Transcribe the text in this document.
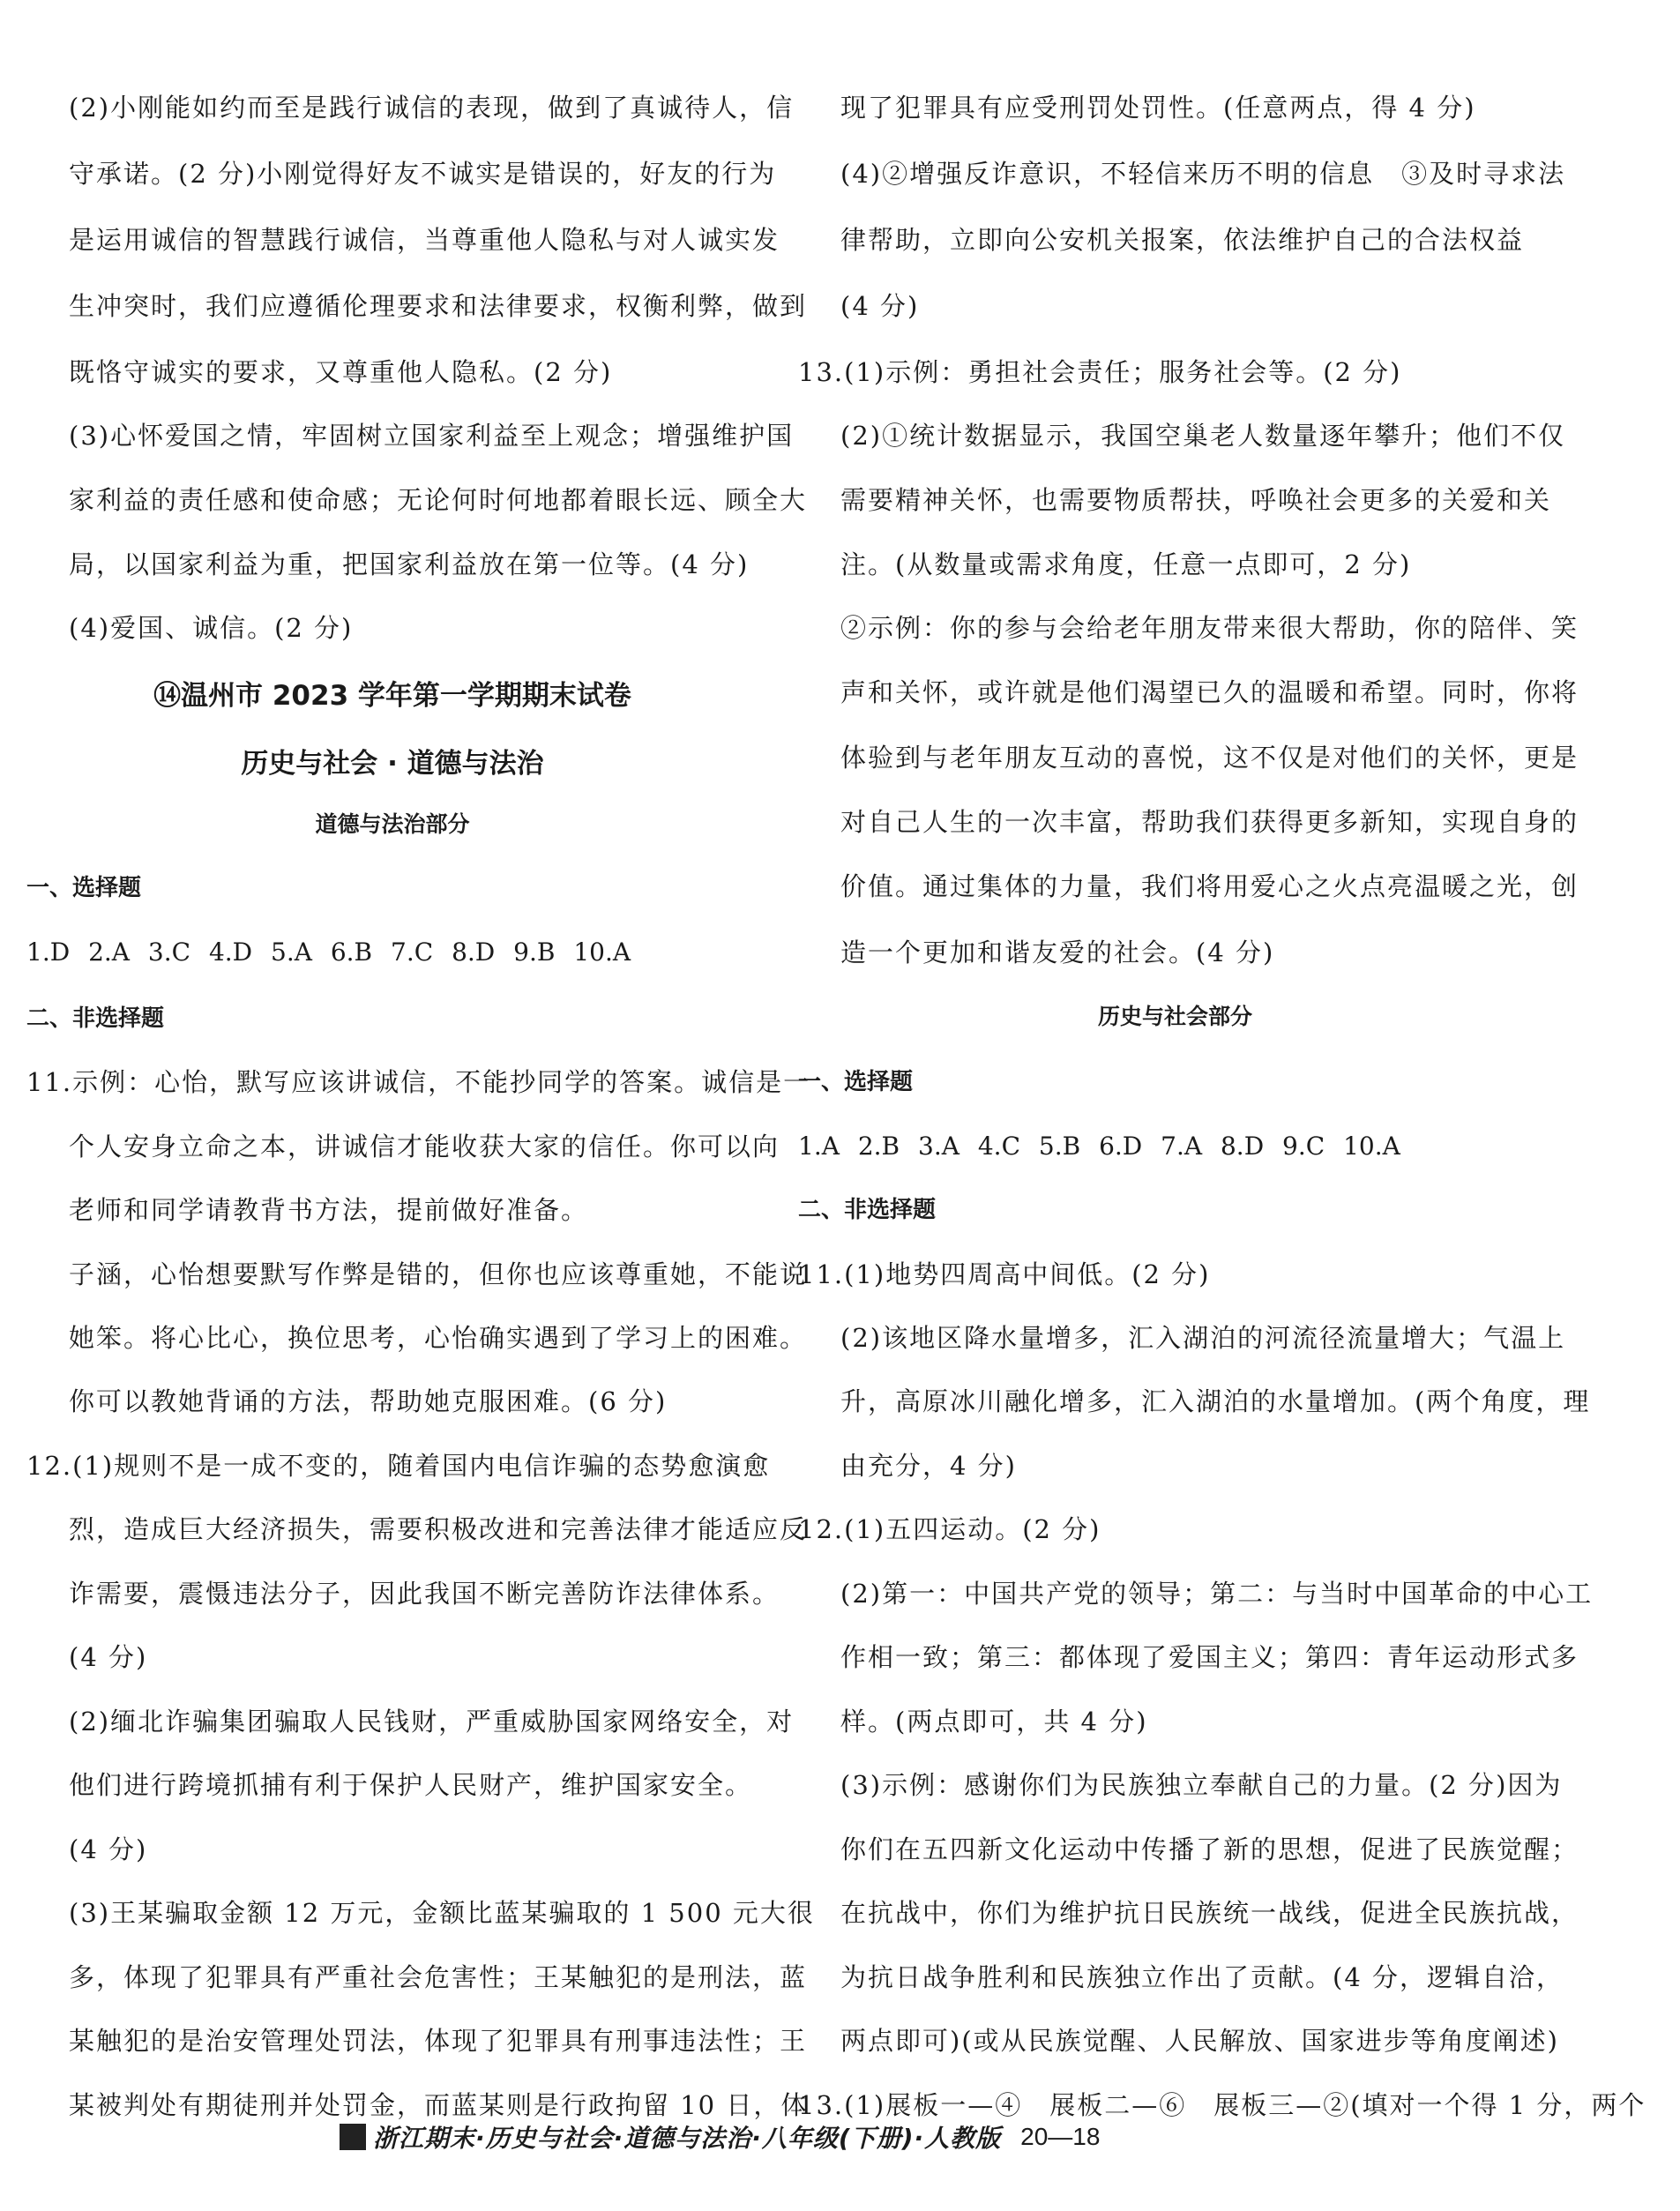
(2)小刚能如约而至是践行诚信的表现，做到了真诚待人，信
守承诺。(2 分)小刚觉得好友不诚实是错误的，好友的行为
是运用诚信的智慧践行诚信，当尊重他人隐私与对人诚实发
生冲突时，我们应遵循伦理要求和法律要求，权衡利弊，做到
既恪守诚实的要求，又尊重他人隐私。(2 分)
(3)心怀爱国之情，牢固树立国家利益至上观念；增强维护国
家利益的责任感和使命感；无论何时何地都着眼长远、顾全大
局，以国家利益为重，把国家利益放在第一位等。(4 分)
(4)爱国、诚信。(2 分)
⑭温州市 2023 学年第一学期期末试卷
历史与社会 · 道德与法治
道德与法治部分
一、选择题
1.D 2.A 3.C 4.D 5.A 6.B 7.C 8.D 9.B 10.A
二、非选择题
11.示例：心怡，默写应该讲诚信，不能抄同学的答案。诚信是一
个人安身立命之本，讲诚信才能收获大家的信任。你可以向
老师和同学请教背书方法，提前做好准备。
子涵，心怡想要默写作弊是错的，但你也应该尊重她，不能说
她笨。将心比心，换位思考，心怡确实遇到了学习上的困难。
你可以教她背诵的方法，帮助她克服困难。(6 分)
12.(1)规则不是一成不变的，随着国内电信诈骗的态势愈演愈
烈，造成巨大经济损失，需要积极改进和完善法律才能适应反
诈需要，震慑违法分子，因此我国不断完善防诈法律体系。
(4 分)
(2)缅北诈骗集团骗取人民钱财，严重威胁国家网络安全，对
他们进行跨境抓捕有利于保护人民财产，维护国家安全。
(4 分)
(3)王某骗取金额 12 万元，金额比蓝某骗取的 1 500 元大很
多，体现了犯罪具有严重社会危害性；王某触犯的是刑法，蓝
某触犯的是治安管理处罚法，体现了犯罪具有刑事违法性；王
某被判处有期徒刑并处罚金，而蓝某则是行政拘留 10 日，体
现了犯罪具有应受刑罚处罚性。(任意两点，得 4 分)
(4)②增强反诈意识，不轻信来历不明的信息　③及时寻求法
律帮助，立即向公安机关报案，依法维护自己的合法权益
(4 分)
13.(1)示例：勇担社会责任；服务社会等。(2 分)
(2)①统计数据显示，我国空巢老人数量逐年攀升；他们不仅
需要精神关怀，也需要物质帮扶，呼唤社会更多的关爱和关
注。(从数量或需求角度，任意一点即可，2 分)
②示例：你的参与会给老年朋友带来很大帮助，你的陪伴、笑
声和关怀，或许就是他们渴望已久的温暖和希望。同时，你将
体验到与老年朋友互动的喜悦，这不仅是对他们的关怀，更是
对自己人生的一次丰富，帮助我们获得更多新知，实现自身的
价值。通过集体的力量，我们将用爱心之火点亮温暖之光，创
造一个更加和谐友爱的社会。(4 分)
历史与社会部分
一、选择题
1.A 2.B 3.A 4.C 5.B 6.D 7.A 8.D 9.C 10.A
二、非选择题
11.(1)地势四周高中间低。(2 分)
(2)该地区降水量增多，汇入湖泊的河流径流量增大；气温上
升，高原冰川融化增多，汇入湖泊的水量增加。(两个角度，理
由充分，4 分)
12.(1)五四运动。(2 分)
(2)第一：中国共产党的领导；第二：与当时中国革命的中心工
作相一致；第三：都体现了爱国主义；第四：青年运动形式多
样。(两点即可，共 4 分)
(3)示例：感谢你们为民族独立奉献自己的力量。(2 分)因为
你们在五四新文化运动中传播了新的思想，促进了民族觉醒；
在抗战中，你们为维护抗日民族统一战线，促进全民族抗战，
为抗日战争胜利和民族独立作出了贡献。(4 分，逻辑自洽，
两点即可)(或从民族觉醒、人民解放、国家进步等角度阐述)
13.(1)展板一—④　展板二—⑥　展板三—②(填对一个得 1 分，两个
浙江期末·历史与社会·道德与法治·八年级(下册)·人教版 20—18
